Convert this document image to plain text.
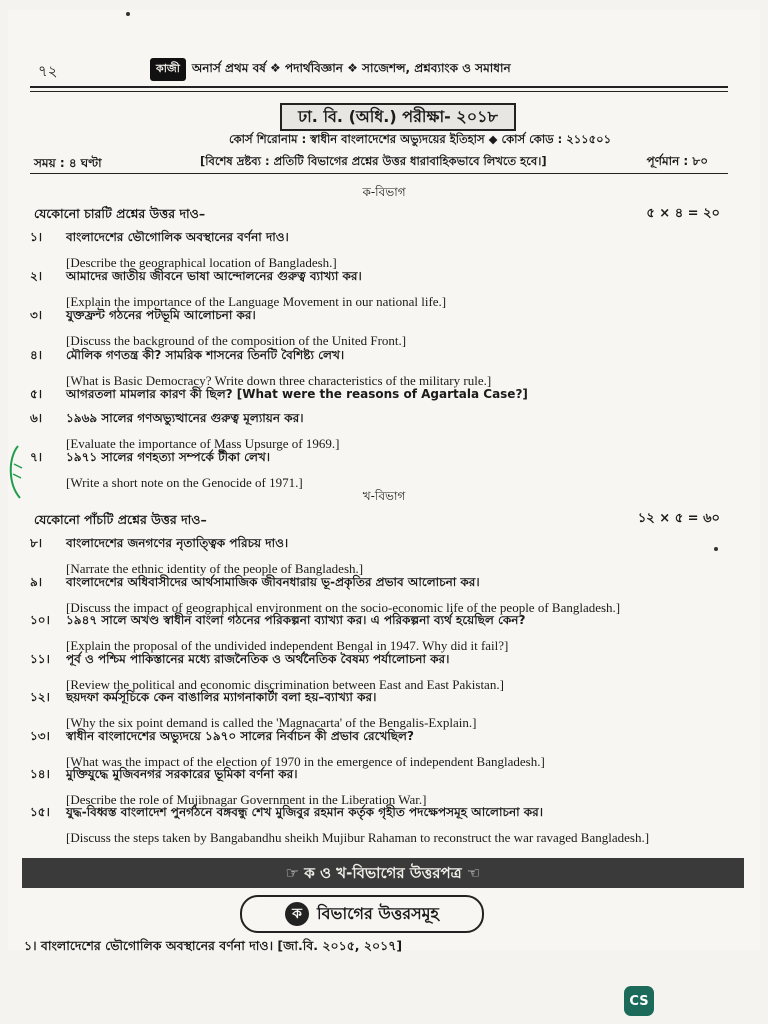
৭২	কাজী	অনার্স প্রথম বর্ষ ❖ পদার্থবিজ্ঞান ❖ সাজেশন্স, প্রশ্নব্যাংক ও সমাধান
ঢা. বি. (অধি.) পরীক্ষা- ২০১৮
কোর্স শিরোনাম : স্বাধীন বাংলাদেশের অভ্যুদয়ের ইতিহাস ◆ কোর্স কোড : ২১১৫০১
সময় : ৪ ঘণ্টা	[বিশেষ দ্রষ্টব্য : প্রতিটি বিভাগের প্রশ্নের উত্তর ধারাবাহিকভাবে লিখতে হবে।]	পূর্ণমান : ৮০
ক-বিভাগ
যেকোনো চারটি প্রশ্নের উত্তর দাও–	৫ × ৪ = ২০
১। বাংলাদেশের ভৌগোলিক অবস্থানের বর্ণনা দাও।
[Describe the geographical location of Bangladesh.]
২। আমাদের জাতীয় জীবনে ভাষা আন্দোলনের গুরুত্ব ব্যাখ্যা কর।
[Explain the importance of the Language Movement in our national life.]
৩। যুক্তফ্রন্ট গঠনের পটভূমি আলোচনা কর।
[Discuss the background of the composition of the United Front.]
৪। মৌলিক গণতন্ত্র কী? সামরিক শাসনের তিনটি বৈশিষ্ট্য লেখ।
[What is Basic Democracy? Write down three characteristics of the military rule.]
৫। আগরতলা মামলার কারণ কী ছিল? [What were the reasons of Agartala Case?]
৬। ১৯৬৯ সালের গণঅভ্যুত্থানের গুরুত্ব মূল্যায়ন কর।
[Evaluate the importance of Mass Upsurge of 1969.]
৭। ১৯৭১ সালের গণহত্যা সম্পর্কে টীকা লেখ।
[Write a short note on the Genocide of 1971.]
খ-বিভাগ
যেকোনো পাঁচটি প্রশ্নের উত্তর দাও–	১২ × ৫ = ৬০
৮। বাংলাদেশের জনগণের নৃতাত্ত্বিক পরিচয় দাও।
[Narrate the ethnic identity of the people of Bangladesh.]
৯। বাংলাদেশের অধিবাসীদের আর্থসামাজিক জীবনধারায় ভূ-প্রকৃতির প্রভাব আলোচনা কর।
[Discuss the impact of geographical environment on the socio-economic life of the people of Bangladesh.]
১০। ১৯৪৭ সালে অখণ্ড স্বাধীন বাংলা গঠনের পরিকল্পনা ব্যাখ্যা কর। এ পরিকল্পনা ব্যর্থ হয়েছিল কেন?
[Explain the proposal of the undivided independent Bengal in 1947. Why did it fail?]
১১। পূর্ব ও পশ্চিম পাকিস্তানের মধ্যে রাজনৈতিক ও অর্থনৈতিক বৈষম্য পর্যালোচনা কর।
[Review the political and economic discrimination between East and East Pakistan.]
১২। ছয়দফা কর্মসূচিকে কেন বাঙালির ম্যাগনাকার্টা বলা হয়–ব্যাখ্যা কর।
[Why the six point demand is called the 'Magnacarta' of the Bengalis-Explain.]
১৩। স্বাধীন বাংলাদেশের অভ্যুদয়ে ১৯৭০ সালের নির্বাচন কী প্রভাব রেখেছিল?
[What was the impact of the election of 1970 in the emergence of independent Bangladesh.]
১৪। মুক্তিযুদ্ধে মুজিবনগর সরকারের ভূমিকা বর্ণনা কর।
[Describe the role of Mujibnagar Government in the Liberation War.]
১৫। যুদ্ধ-বিধ্বস্ত বাংলাদেশ পুনর্গঠনে বঙ্গবন্ধু শেখ মুজিবুর রহমান কর্তৃক গৃহীত পদক্ষেপসমূহ আলোচনা কর।
[Discuss the steps taken by Bangabandhu sheikh Mujibur Rahaman to reconstruct the war ravaged Bangladesh.]
☞ ক ও খ-বিভাগের উত্তরপত্র ☜
ক বিভাগের উত্তরসমূহ
১। বাংলাদেশের ভৌগোলিক অবস্থানের বর্ণনা দাও। [জা.বি. ২০১৫, ২০১৭]
CS
